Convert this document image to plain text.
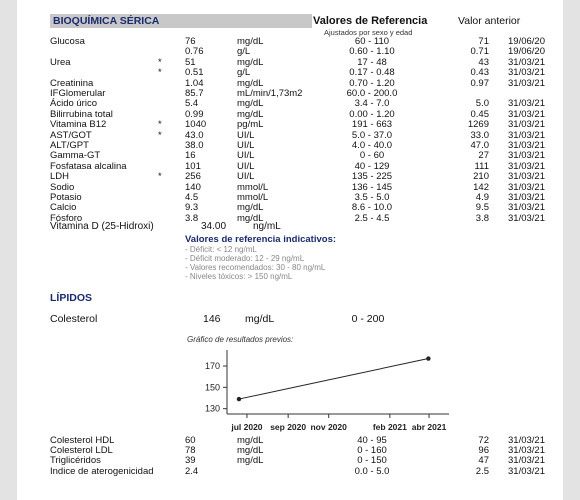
BIOQUÍMICA SÉRICA	Valores de Referencia
Ajustados por sexo y edad
Valor anterior
Glucosa	76	mg/dL	60 - 110	71	19/06/20
0.76	g/L	0.60 - 1.10	0.71	19/06/20
Urea	* 51	mg/dL	17 - 48	43	31/03/21
* 0.51	g/L	0.17 - 0.48	0.43	31/03/21
Creatinina	1.04	mg/dL	0.70 - 1.20	0.97	31/03/21
IFGlomerular	85.7	mL/min/1,73m2	60.0 - 200.0
Ácido úrico	5.4	mg/dL	3.4 - 7.0	5.0	31/03/21
Bilirrubina total	0.99	mg/dL	0.00 - 1.20	0.45	31/03/21
Vitamina B12	* 1040	pg/mL	191 - 663	1269	31/03/21
AST/GOT	* 43.0	UI/L	5.0 - 37.0	33.0	31/03/21
ALT/GPT	38.0	UI/L	4.0 - 40.0	47.0	31/03/21
Gamma-GT	16	UI/L	0 - 60	27	31/03/21
Fosfatasa alcalina	101	UI/L	40 - 129	111	31/03/21
LDH	* 256	UI/L	135 - 225	210	31/03/21
Sodio	140	mmol/L	136 - 145	142	31/03/21
Potasio	4.5	mmol/L	3.5 - 5.0	4.9	31/03/21
Calcio	9.3	mg/dL	8.6 - 10.0	9.5	31/03/21
Fósforo	3.8	mg/dL	2.5 - 4.5	3.8	31/03/21
Vitamina D (25-Hidroxi)	34.00	ng/mL
Valores de referencia indicativos:
- Déficit: < 12 ng/mL
- Déficit moderado: 12 - 29 ng/mL
- Valores recomendados: 30 - 80 ng/mL
- Niveles tóxicos: > 150 ng/mL
LÍPIDOS
Colesterol	146 mg/dL	0 - 200
Gráfico de resultados previos:
130
150
170
jul 2020 sep 2020 nov 2020	feb 2021 abr 2021
Colesterol HDL	60	mg/dL	40 - 95	72	31/03/21
Colesterol LDL	78	mg/dL	0 - 160	96	31/03/21
Triglicéridos	39	mg/dL	0 - 150	47	31/03/21
Indice de aterogenicidad	2.4	0.0 - 5.0	2.5	31/03/21
